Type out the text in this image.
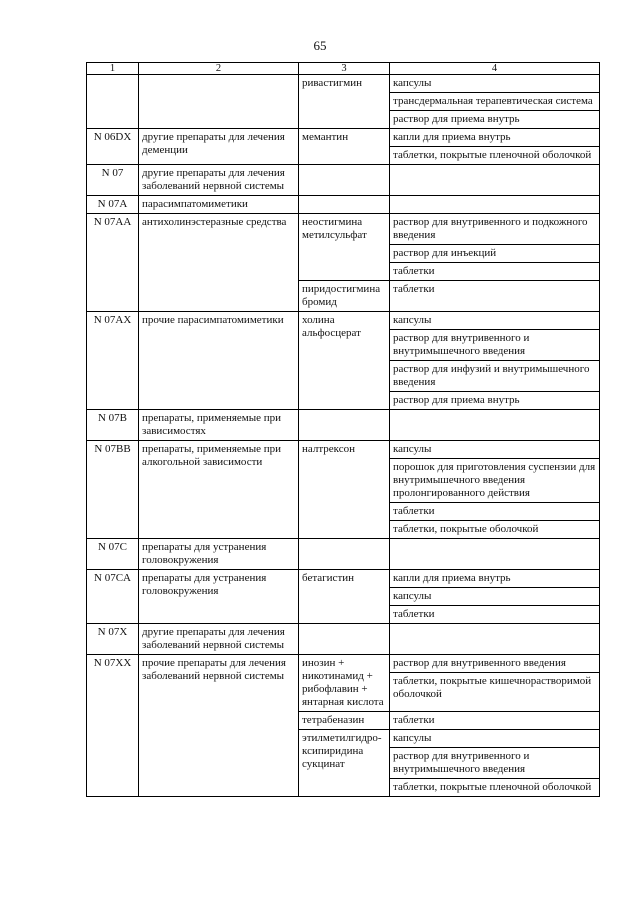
65
1	2	3	4
		ривастигмин	капсулы
трансдермальная терапевтическая система
раствор для приема внутрь

N 06DX	другие препараты для лечения деменции	мемантин	капли для приема внутрь
таблетки, покрытые пленочной оболочкой

N 07	другие препараты для лечения заболеваний нервной системы		

N 07A	парасимпатомиметики		

N 07AA	антихолинэстеразные средства	неостигмина метилсульфат	раствор для внутривенного и подкожного введения
раствор для инъекций
таблетки

		пиридостигмина бромид	таблетки

N 07AX	прочие парасимпатомиметики	холина альфосцерат	капсулы
раствор для внутривенного и внутримышечного введения
раствор для инфузий и внутримышечного введения
раствор для приема внутрь

N 07B	препараты, применяемые при зависимостях		

N 07BB	препараты, применяемые при алкогольной зависимости	налтрексон	капсулы
порошок для приготовления суспензии для внутримышечного введения пролонгированного действия
таблетки
таблетки, покрытые оболочкой

N 07C	препараты для устранения головокружения		

N 07CA	препараты для устранения головокружения	бетагистин	капли для приема внутрь
капсулы
таблетки

N 07X	другие препараты для лечения заболеваний нервной системы		

N 07XX	прочие препараты для лечения заболеваний нервной системы	инозин + никотинамид + рибофлавин + янтарная кислота	раствор для внутривенного введения
таблетки, покрытые кишечнорастворимой оболочкой

		тетрабеназин	таблетки

		этилметилгидро-ксипиридина сукцинат	капсулы
раствор для внутривенного и внутримышечного введения
таблетки, покрытые пленочной оболочкой
